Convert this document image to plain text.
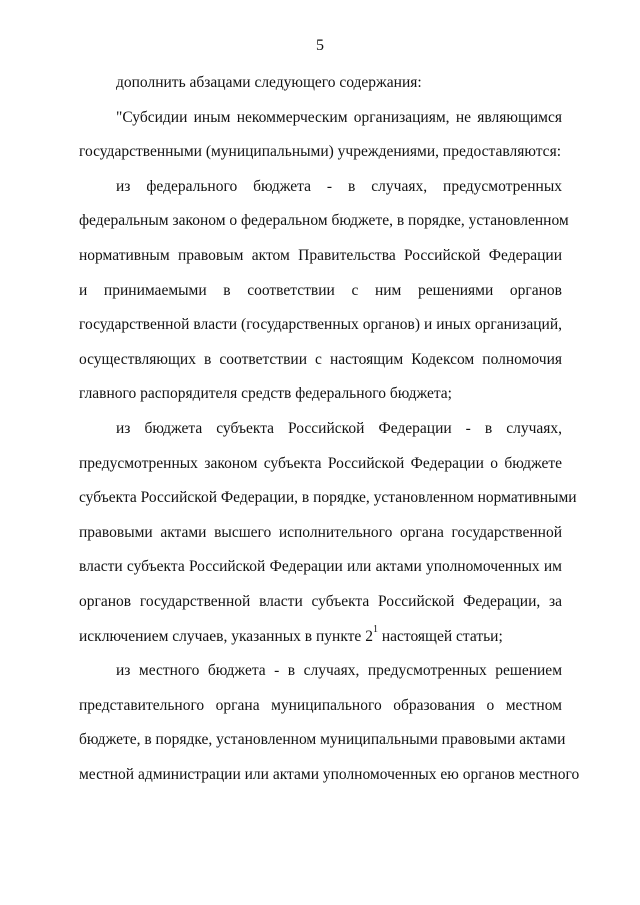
5

дополнить абзацами следующего содержания:

"Субсидии иным некоммерческим организациям, не являющимся
государственными (муниципальными) учреждениями, предоставляются:

из федерального бюджета - в случаях, предусмотренных
федеральным законом о федеральном бюджете, в порядке, установленном
нормативным правовым актом Правительства Российской Федерации
и принимаемыми в соответствии с ним решениями органов
государственной власти (государственных органов) и иных организаций,
осуществляющих в соответствии с настоящим Кодексом полномочия
главного распорядителя средств федерального бюджета;

из бюджета субъекта Российской Федерации - в случаях,
предусмотренных законом субъекта Российской Федерации о бюджете
субъекта Российской Федерации, в порядке, установленном нормативными
правовыми актами высшего исполнительного органа государственной
власти субъекта Российской Федерации или актами уполномоченных им
органов государственной власти субъекта Российской Федерации, за
исключением случаев, указанных в пункте $2^1$ настоящей статьи;

из местного бюджета - в случаях, предусмотренных решением
представительного органа муниципального образования о местном
бюджете, в порядке, установленном муниципальными правовыми актами
местной администрации или актами уполномоченных ею органов местного
